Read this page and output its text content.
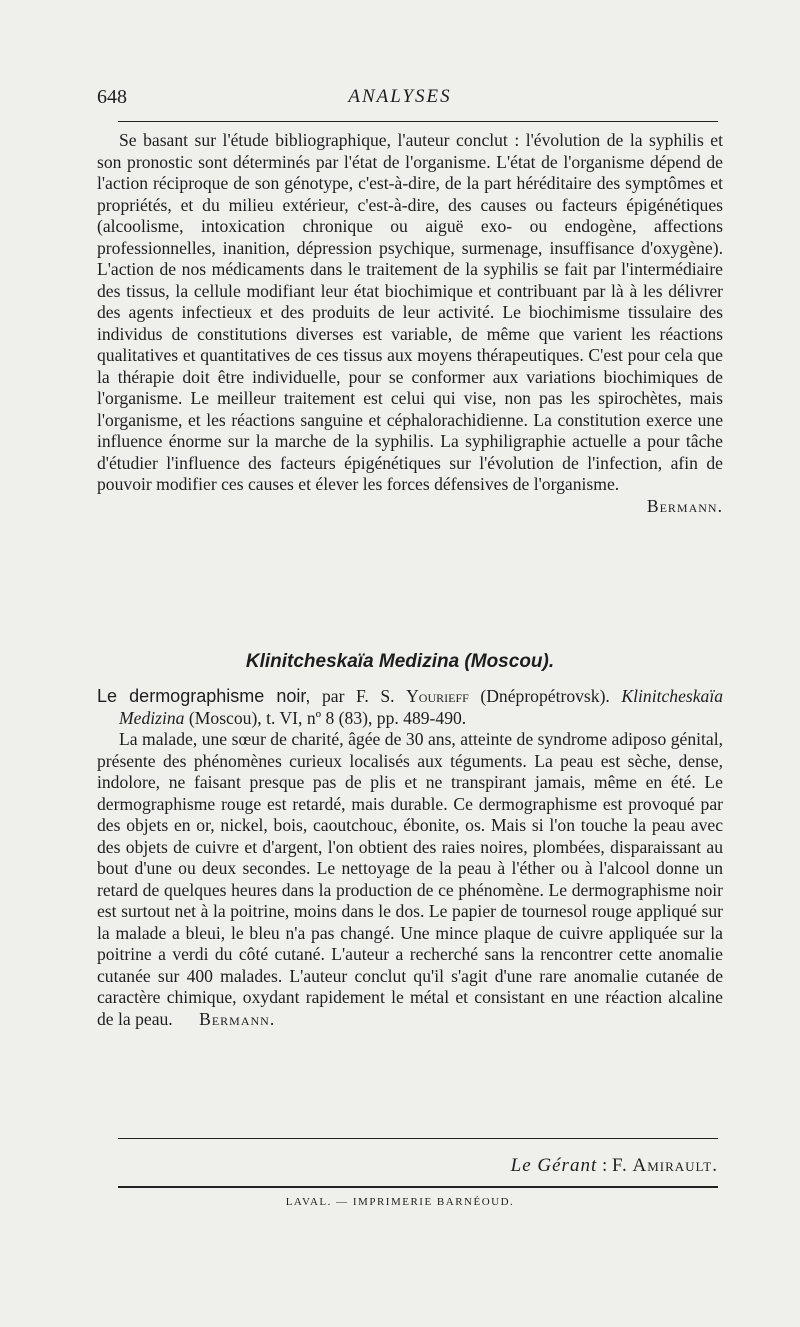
648	ANALYSES

Se basant sur l'étude bibliographique, l'auteur conclut : l'évolution de la syphilis et son pronostic sont déterminés par l'état de l'organisme. L'état de l'organisme dépend de l'action réciproque de son génotype, c'est-à-dire, de la part héréditaire des symptômes et propriétés, et du milieu extérieur, c'est-à-dire, des causes ou facteurs épigénétiques (alcoolisme, intoxication chronique ou aiguë exo- ou endogène, affections professionnelles, inanition, dépression psychique, surmenage, insuffisance d'oxygène). L'action de nos médicaments dans le traitement de la syphilis se fait par l'intermédiaire des tissus, la cellule modifiant leur état biochimique et contribuant par là à les délivrer des agents infectieux et des produits de leur activité. Le biochimisme tissulaire des individus de constitutions diverses est variable, de même que varient les réactions qualitatives et quantitatives de ces tissus aux moyens thérapeutiques. C'est pour cela que la thérapie doit être individuelle, pour se conformer aux variations biochimiques de l'organisme. Le meilleur traitement est celui qui vise, non pas les spirochètes, mais l'organisme, et les réactions sanguine et céphalorachidienne. La constitution exerce une influence énorme sur la marche de la syphilis. La syphiligraphie actuelle a pour tâche d'étudier l'influence des facteurs épigénétiques sur l'évolution de l'infection, afin de pouvoir modifier ces causes et élever les forces défensives de l'organisme.

Bermann.

Klinitcheskaïa Medizina (Moscou).

Le dermographisme noir, par F. S. Yourieff (Dnépropétrovsk). Klinitcheskaïa Medizina (Moscou), t. VI, nº 8 (83), pp. 489-490.

La malade, une sœur de charité, âgée de 30 ans, atteinte de syndrome adiposo génital, présente des phénomènes curieux localisés aux téguments. La peau est sèche, dense, indolore, ne faisant presque pas de plis et ne transpirant jamais, même en été. Le dermographisme rouge est retardé, mais durable. Ce dermographisme est provoqué par des objets en or, nickel, bois, caoutchouc, ébonite, os. Mais si l'on touche la peau avec des objets de cuivre et d'argent, l'on obtient des raies noires, plombées, disparaissant au bout d'une ou deux secondes. Le nettoyage de la peau à l'éther ou à l'alcool donne un retard de quelques heures dans la production de ce phénomène. Le dermographisme noir est surtout net à la poitrine, moins dans le dos. Le papier de tournesol rouge appliqué sur la malade a bleui, le bleu n'a pas changé. Une mince plaque de cuivre appliquée sur la poitrine a verdi du côté cutané. L'auteur a recherché sans la rencontrer cette anomalie cutanée sur 400 malades. L'auteur conclut qu'il s'agit d'une rare anomalie cutanée de caractère chimique, oxydant rapidement le métal et consistant en une réaction alcaline de la peau. Bermann.

Le Gérant : F. Amirault.
LAVAL. — IMPRIMERIE BARNÉOUD.
